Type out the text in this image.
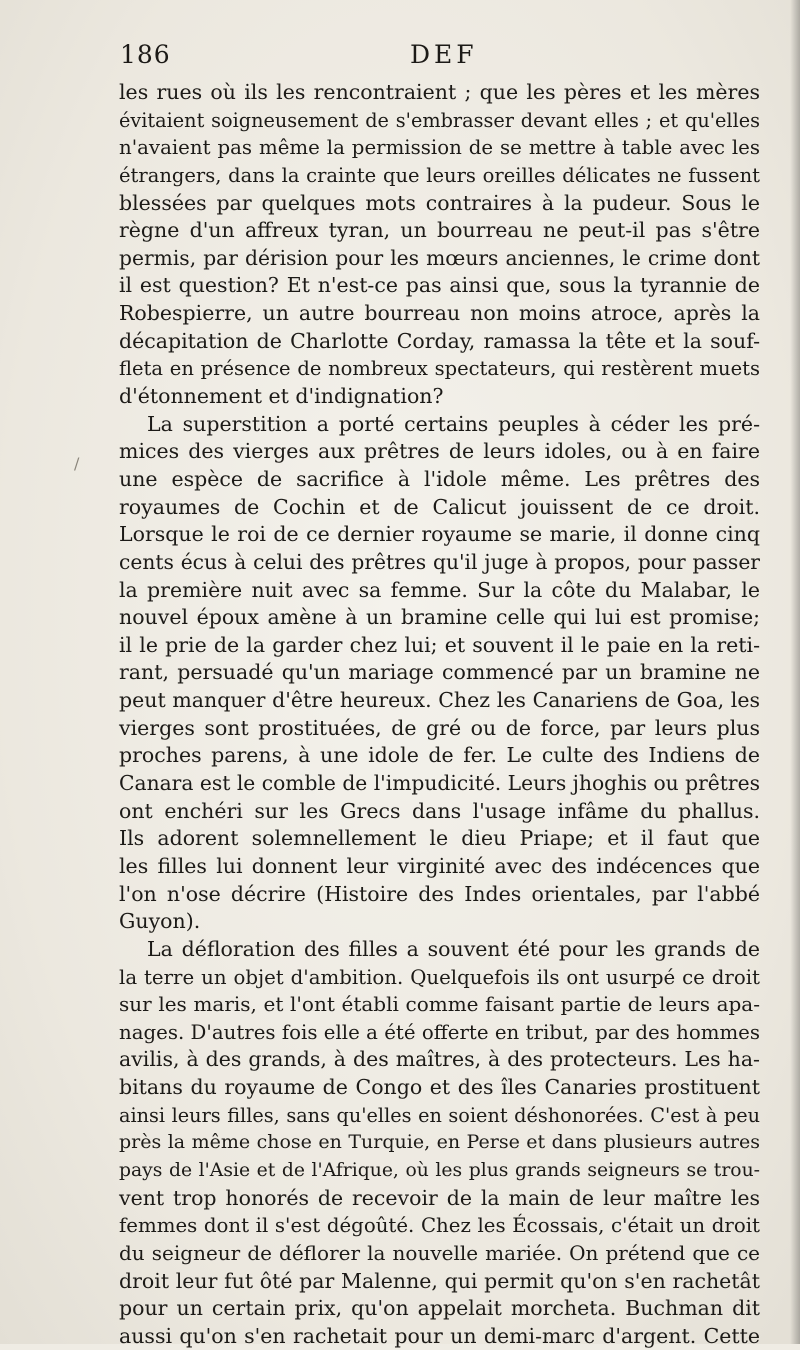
186	DEF
/
les rues où ils les rencontraient ; que les pères et les mères
évitaient soigneusement de s'embrasser devant elles ; et qu'elles
n'avaient pas même la permission de se mettre à table avec les
étrangers, dans la crainte que leurs oreilles délicates ne fussent
blessées par quelques mots contraires à la pudeur. Sous le
règne d'un affreux tyran, un bourreau ne peut-il pas s'être
permis, par dérision pour les mœurs anciennes, le crime dont
il est question? Et n'est-ce pas ainsi que, sous la tyrannie de
Robespierre, un autre bourreau non moins atroce, après la
décapitation de Charlotte Corday, ramassa la tête et la souf-
fleta en présence de nombreux spectateurs, qui restèrent muets
d'étonnement et d'indignation?
La superstition a porté certains peuples à céder les pré-
mices des vierges aux prêtres de leurs idoles, ou à en faire
une espèce de sacrifice à l'idole même. Les prêtres des
royaumes de Cochin et de Calicut jouissent de ce droit.
Lorsque le roi de ce dernier royaume se marie, il donne cinq
cents écus à celui des prêtres qu'il juge à propos, pour passer
la première nuit avec sa femme. Sur la côte du Malabar, le
nouvel époux amène à un bramine celle qui lui est promise;
il le prie de la garder chez lui; et souvent il le paie en la reti-
rant, persuadé qu'un mariage commencé par un bramine ne
peut manquer d'être heureux. Chez les Canariens de Goa, les
vierges sont prostituées, de gré ou de force, par leurs plus
proches parens, à une idole de fer. Le culte des Indiens de
Canara est le comble de l'impudicité. Leurs jhoghis ou prêtres
ont enchéri sur les Grecs dans l'usage infâme du phallus.
Ils adorent solemnellement le dieu Priape; et il faut que
les filles lui donnent leur virginité avec des indécences que
l'on n'ose décrire (Histoire des Indes orientales, par l'abbé
Guyon).
La défloration des filles a souvent été pour les grands de
la terre un objet d'ambition. Quelquefois ils ont usurpé ce droit
sur les maris, et l'ont établi comme faisant partie de leurs apa-
nages. D'autres fois elle a été offerte en tribut, par des hommes
avilis, à des grands, à des maîtres, à des protecteurs. Les ha-
bitans du royaume de Congo et des îles Canaries prostituent
ainsi leurs filles, sans qu'elles en soient déshonorées. C'est à peu
près la même chose en Turquie, en Perse et dans plusieurs autres
pays de l'Asie et de l'Afrique, où les plus grands seigneurs se trou-
vent trop honorés de recevoir de la main de leur maître les
femmes dont il s'est dégoûté. Chez les Écossais, c'était un droit
du seigneur de déflorer la nouvelle mariée. On prétend que ce
droit leur fut ôté par Malenne, qui permit qu'on s'en rachetât
pour un certain prix, qu'on appelait morcheta. Buchman dit
aussi qu'on s'en rachetait pour un demi-marc d'argent. Cette
